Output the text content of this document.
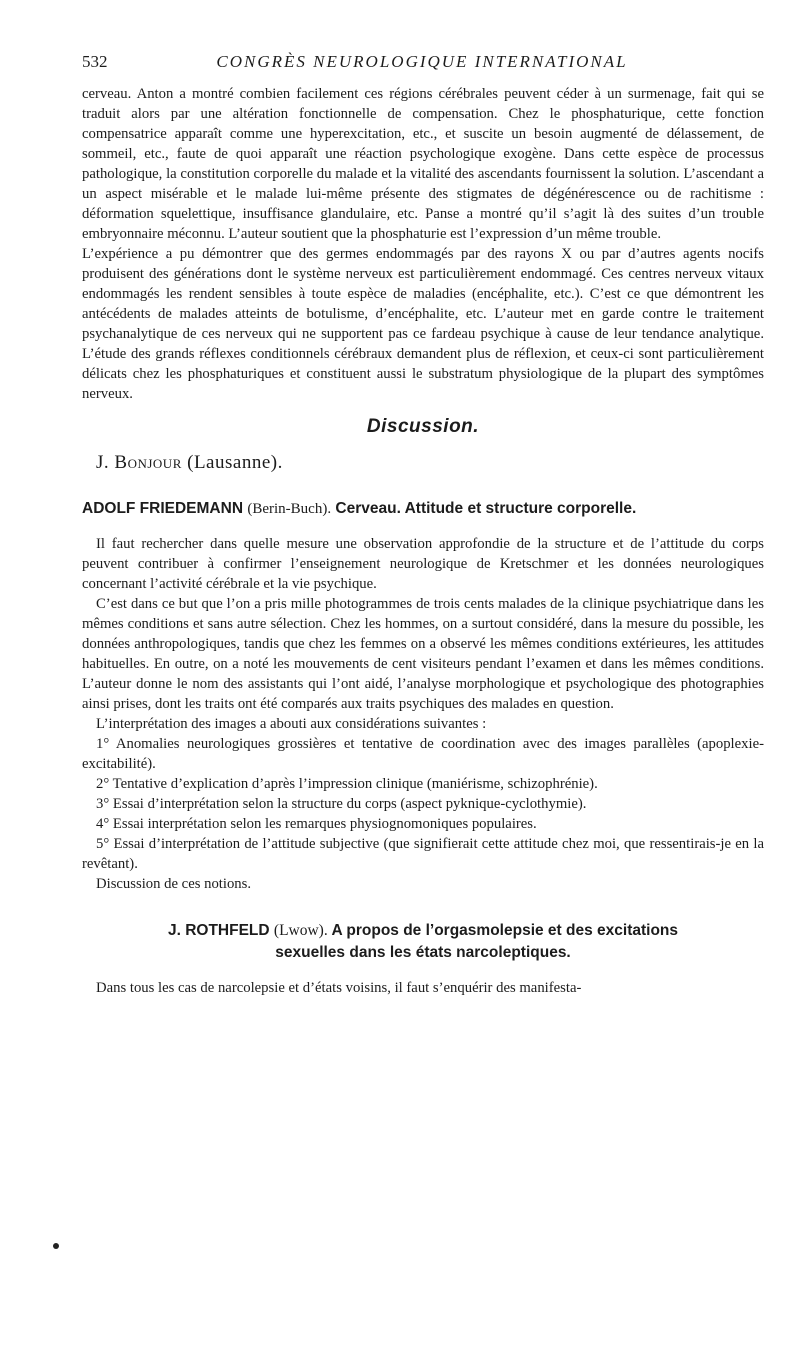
532	CONGRÈS NEUROLOGIQUE INTERNATIONAL

cerveau. Anton a montré combien facilement ces régions cérébrales peuvent céder à un surmenage, fait qui se traduit alors par une altération fonctionnelle de compensation. Chez le phosphaturique, cette fonction compensatrice apparaît comme une hyperexcitation, etc., et suscite un besoin augmenté de délassement, de sommeil, etc., faute de quoi apparaît une réaction psychologique exogène. Dans cette espèce de processus pathologique, la constitution corporelle du malade et la vitalité des ascendants fournissent la solution. L’ascendant a un aspect misérable et le malade lui-même présente des stigmates de dégénérescence ou de rachitisme : déformation squelettique, insuffisance glandulaire, etc. Panse a montré qu’il s’agit là des suites d’un trouble embryonnaire méconnu. L’auteur soutient que la phosphaturie est l’expression d’un même trouble.

L’expérience a pu démontrer que des germes endommagés par des rayons X ou par d’autres agents nocifs produisent des générations dont le système nerveux est particulièrement endommagé. Ces centres nerveux vitaux endommagés les rendent sensibles à toute espèce de maladies (encéphalite, etc.). C’est ce que démontrent les antécédents de malades atteints de botulisme, d’encéphalite, etc. L’auteur met en garde contre le traitement psychanalytique de ces nerveux qui ne supportent pas ce fardeau psychique à cause de leur tendance analytique. L’étude des grands réflexes conditionnels cérébraux demandent plus de réflexion, et ceux-ci sont particulièrement délicats chez les phosphaturiques et constituent aussi le substratum physiologique de la plupart des symptômes nerveux.

Discussion.
J. Bonjour (Lausanne).
ADOLF FRIEDEMANN (Berin-Buch). Cerveau. Attitude et structure corporelle.

Il faut rechercher dans quelle mesure une observation approfondie de la structure et de l’attitude du corps peuvent contribuer à confirmer l’enseignement neurologique de Kretschmer et les données neurologiques concernant l’activité cérébrale et la vie psychique.

C’est dans ce but que l’on a pris mille photogrammes de trois cents malades de la clinique psychiatrique dans les mêmes conditions et sans autre sélection. Chez les hommes, on a surtout considéré, dans la mesure du possible, les données anthropologiques, tandis que chez les femmes on a observé les mêmes conditions extérieures, les attitudes habituelles. En outre, on a noté les mouvements de cent visiteurs pendant l’examen et dans les mêmes conditions. L’auteur donne le nom des assistants qui l’ont aidé, l’analyse morphologique et psychologique des photographies ainsi prises, dont les traits ont été comparés aux traits psychiques des malades en question.

L’interprétation des images a abouti aux considérations suivantes :

1° Anomalies neurologiques grossières et tentative de coordination avec des images parallèles (apoplexie-excitabilité).

2° Tentative d’explication d’après l’impression clinique (maniérisme, schizophrénie).

3° Essai d’interprétation selon la structure du corps (aspect pyknique-cyclothymie).

4° Essai interprétation selon les remarques physiognomoniques populaires.

5° Essai d’interprétation de l’attitude subjective (que signifierait cette attitude chez moi, que ressentirais-je en la revêtant).

Discussion de ces notions.

J. ROTHFELD (Lwow). A propos de l’orgasmolepsie et des excitations
sexuelles dans les états narcoleptiques.

Dans tous les cas de narcolepsie et d’états voisins, il faut s’enquérir des manifesta-
